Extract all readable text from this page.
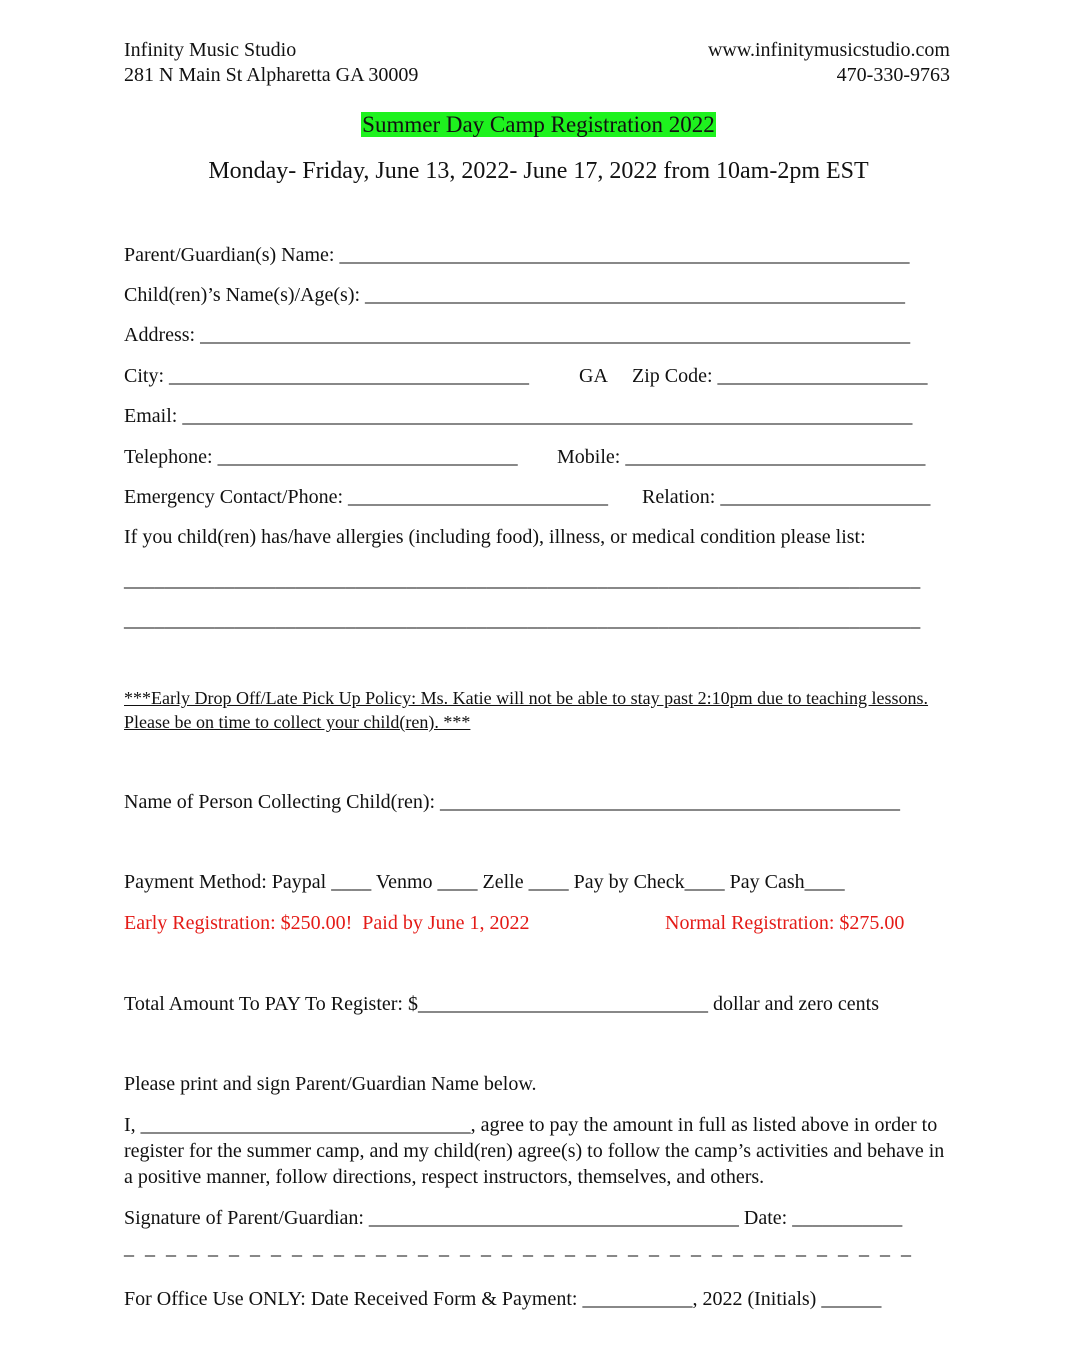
Infinity Music Studio
281 N Main St Alpharetta GA 30009
www.infinitymusicstudio.com
470-330-9763
Summer Day Camp Registration 2022
Monday- Friday, June 13, 2022- June 17, 2022 from 10am-2pm EST
Parent/Guardian(s) Name: _________________________________________________________
Child(ren)’s Name(s)/Age(s): ______________________________________________________
Address: _______________________________________________________________________
City: ____________________________________ GA Zip Code: _____________________
Email: _________________________________________________________________________
Telephone: ______________________________ Mobile: ______________________________
Emergency Contact/Phone: __________________________ Relation: _____________________
If you child(ren) has/have allergies (including food), illness, or medical condition please list:
_______________________________________________________________________________
_______________________________________________________________________________
***Early Drop Off/Late Pick Up Policy: Ms. Katie will not be able to stay past 2:10pm due to teaching lessons. Please be on time to collect your child(ren). ***
Name of Person Collecting Child(ren): ______________________________________________
Payment Method: Paypal ____ Venmo ____ Zelle ____ Pay by Check____ Pay Cash____
Early Registration: $250.00!  Paid by June 1, 2022	Normal Registration: $275.00
Total Amount To PAY To Register: $_____________________________ dollar and zero cents
Please print and sign Parent/Guardian Name below.
I, _________________________________, agree to pay the amount in full as listed above in order to register for the summer camp, and my child(ren) agree(s) to follow the camp’s activities and behave in a positive manner, follow directions, respect instructors, themselves, and others.
Signature of Parent/Guardian: _____________________________________ Date: ___________
_ _ _ _ _ _ _ _ _ _ _ _ _ _ _ _ _ _ _ _ _ _ _ _ _ _ _ _ _ _ _ _ _ _ _ _ _ _
For Office Use ONLY: Date Received Form & Payment: ___________, 2022 (Initials) ______
